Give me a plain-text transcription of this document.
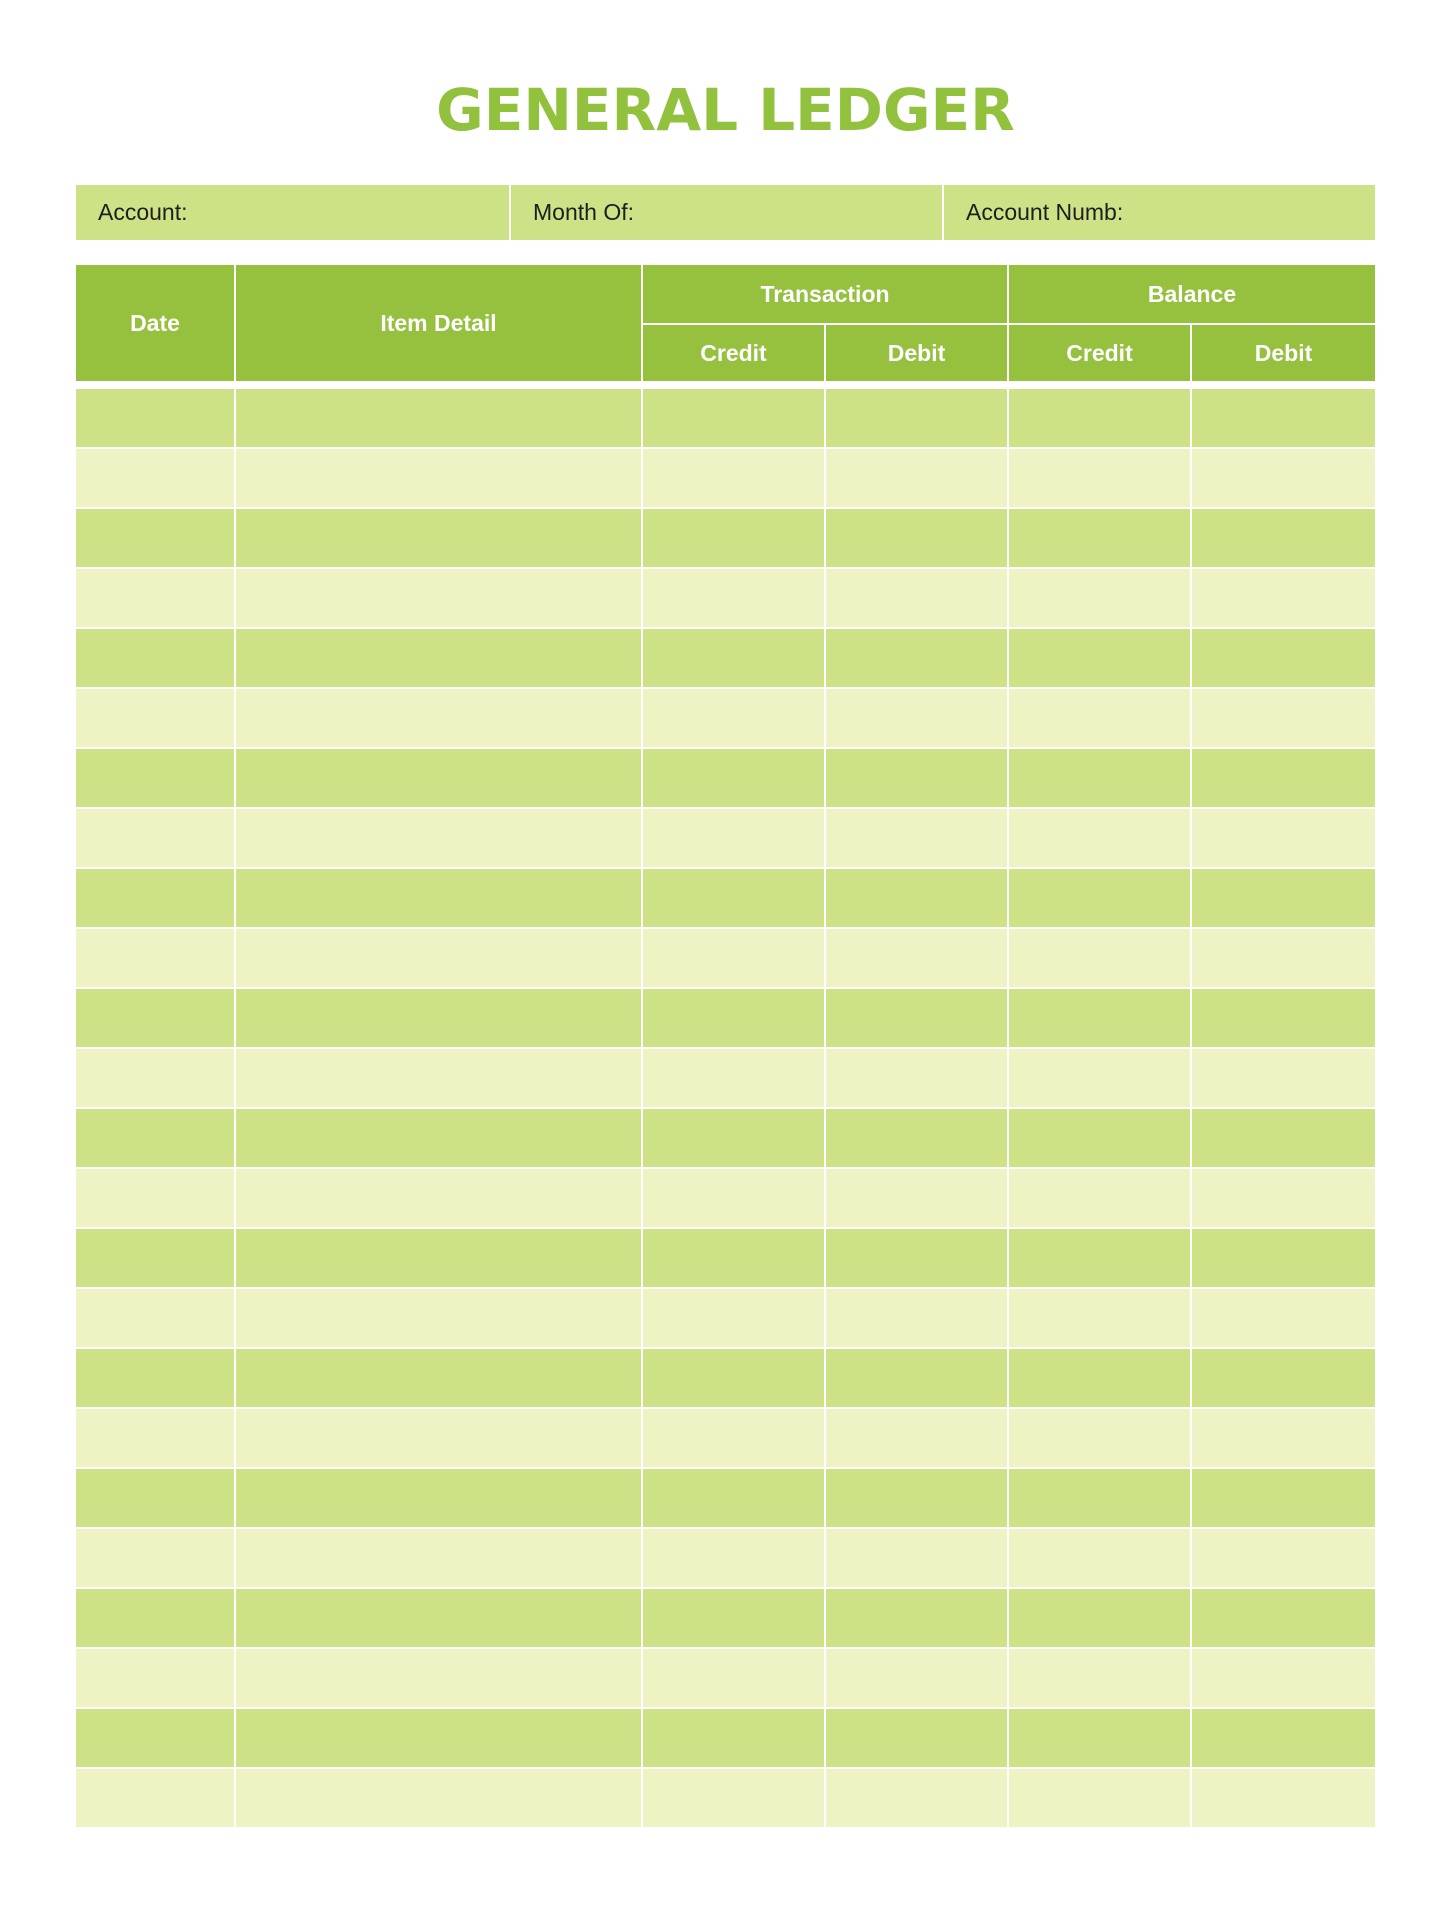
GENERAL LEDGER
Account:	Month Of:	Account Numb:
Date	Item Detail	Transaction		Balance	
		Credit	Debit	Credit	Debit
